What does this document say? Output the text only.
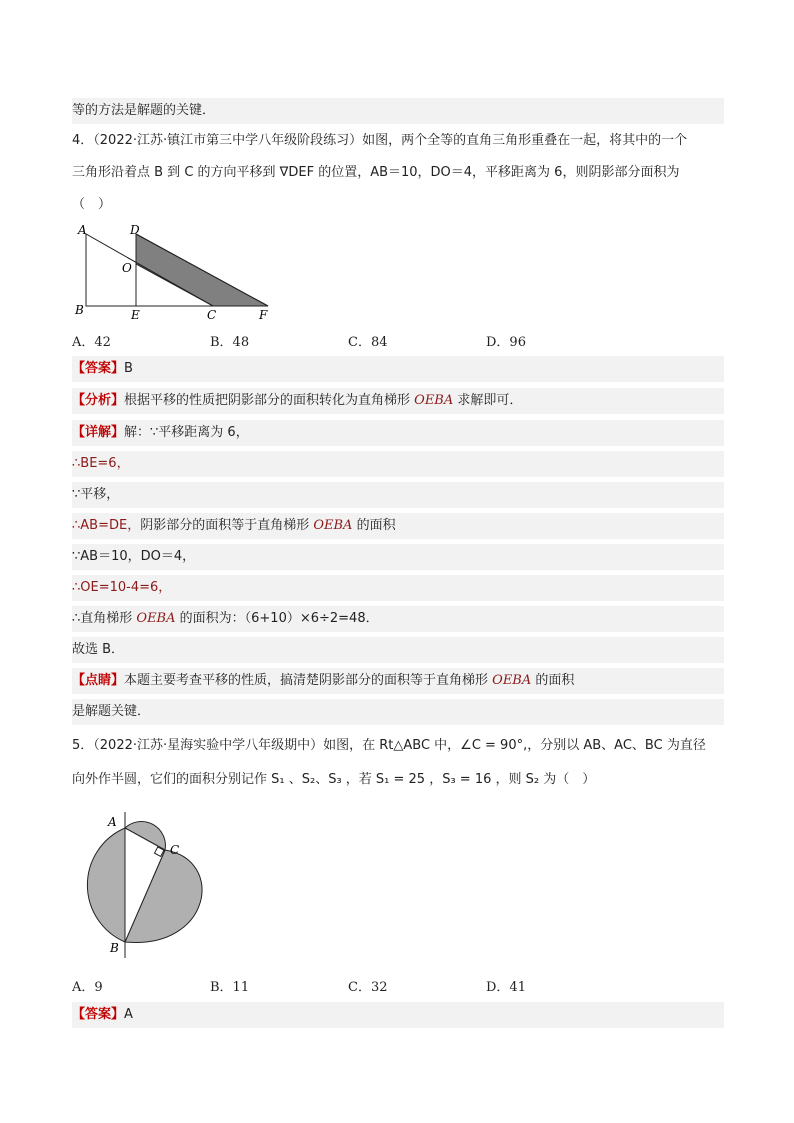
等的方法是解题的关键．
4．（2022·江苏·镇江市第三中学八年级阶段练习）如图，两个全等的直角三角形重叠在一起，将其中的一个
三角形沿着点 B 到 C 的方向平移到 ∇DEF 的位置，AB＝10，DO＝4，平移距离为 6，则阴影部分面积为
（　）
A	D
O
B	E	C	F
A．42	B．48	C．84	D．96
【答案】B
【分析】根据平移的性质把阴影部分的面积转化为直角梯形 OEBA 求解即可．
【详解】解：∵平移距离为 6，
∴BE=6，
∵平移，
∴AB=DE，阴影部分的面积等于直角梯形 OEBA 的面积
∵AB＝10，DO＝4，
∴OE=10-4=6，
∴直角梯形 OEBA 的面积为：（6+10）×6÷2=48．
故选 B．
【点睛】本题主要考查平移的性质，搞清楚阴影部分的面积等于直角梯形 OEBA 的面积
是解题关键．
5．（2022·江苏·星海实验中学八年级期中）如图，在 Rt△ABC 中，∠C = 90°,，分别以 AB、AC、BC 为直径
向外作半圆，它们的面积分别记作 S₁ 、S₂、S₃ ，若 S₁ = 25 ，S₃ = 16 ，则 S₂ 为（　）
A
C
B
A．9	B．11	C．32	D．41
【答案】A
